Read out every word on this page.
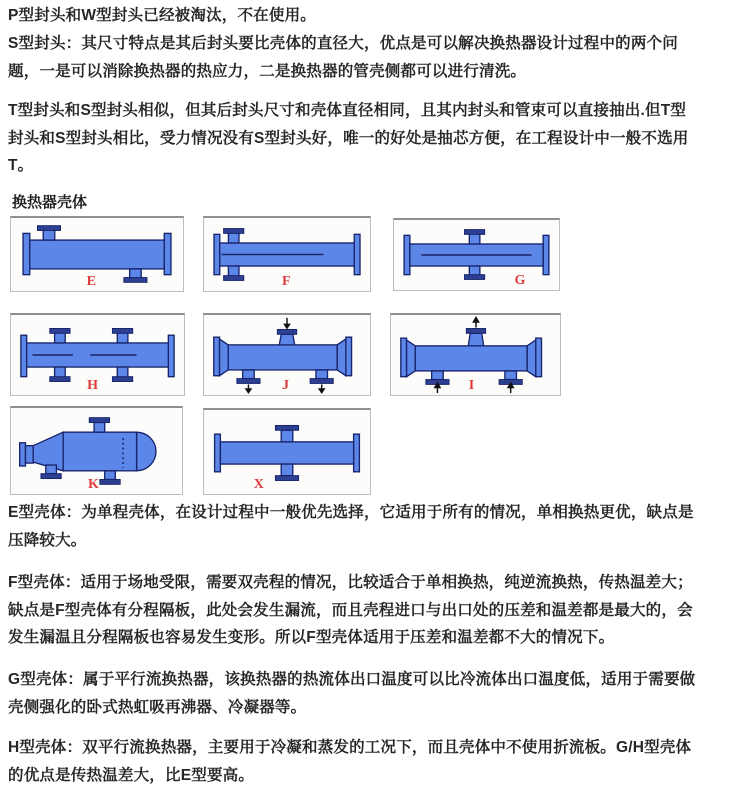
P型封头和W型封头已经被淘汰，不在使用。
S型封头：其尺寸特点是其后封头要比壳体的直径大，优点是可以解决换热器设计过程中的两个问
题，一是可以消除换热器的热应力，二是换热器的管壳侧都可以进行清洗。
T型封头和S型封头相似，但其后封头尺寸和壳体直径相同，且其内封头和管束可以直接抽出.但T型
封头和S型封头相比，受力情况没有S型封头好，唯一的好处是抽芯方便，在工程设计中一般不选用
T。
换热器壳体
E	F	G
H	J	I
K	X
E型壳体：为单程壳体，在设计过程中一般优先选择，它适用于所有的情况，单相换热更优，缺点是
压降较大。
F型壳体：适用于场地受限，需要双壳程的情况，比较适合于单相换热，纯逆流换热，传热温差大；
缺点是F型壳体有分程隔板，此处会发生漏流，而且壳程进口与出口处的压差和温差都是最大的，会
发生漏温且分程隔板也容易发生变形。所以F型壳体适用于压差和温差都不大的情况下。
G型壳体：属于平行流换热器，该换热器的热流体出口温度可以比冷流体出口温度低，适用于需要做
壳侧强化的卧式热虹吸再沸器、冷凝器等。
H型壳体：双平行流换热器，主要用于冷凝和蒸发的工况下，而且壳体中不使用折流板。G/H型壳体
的优点是传热温差大，比E型要高。
